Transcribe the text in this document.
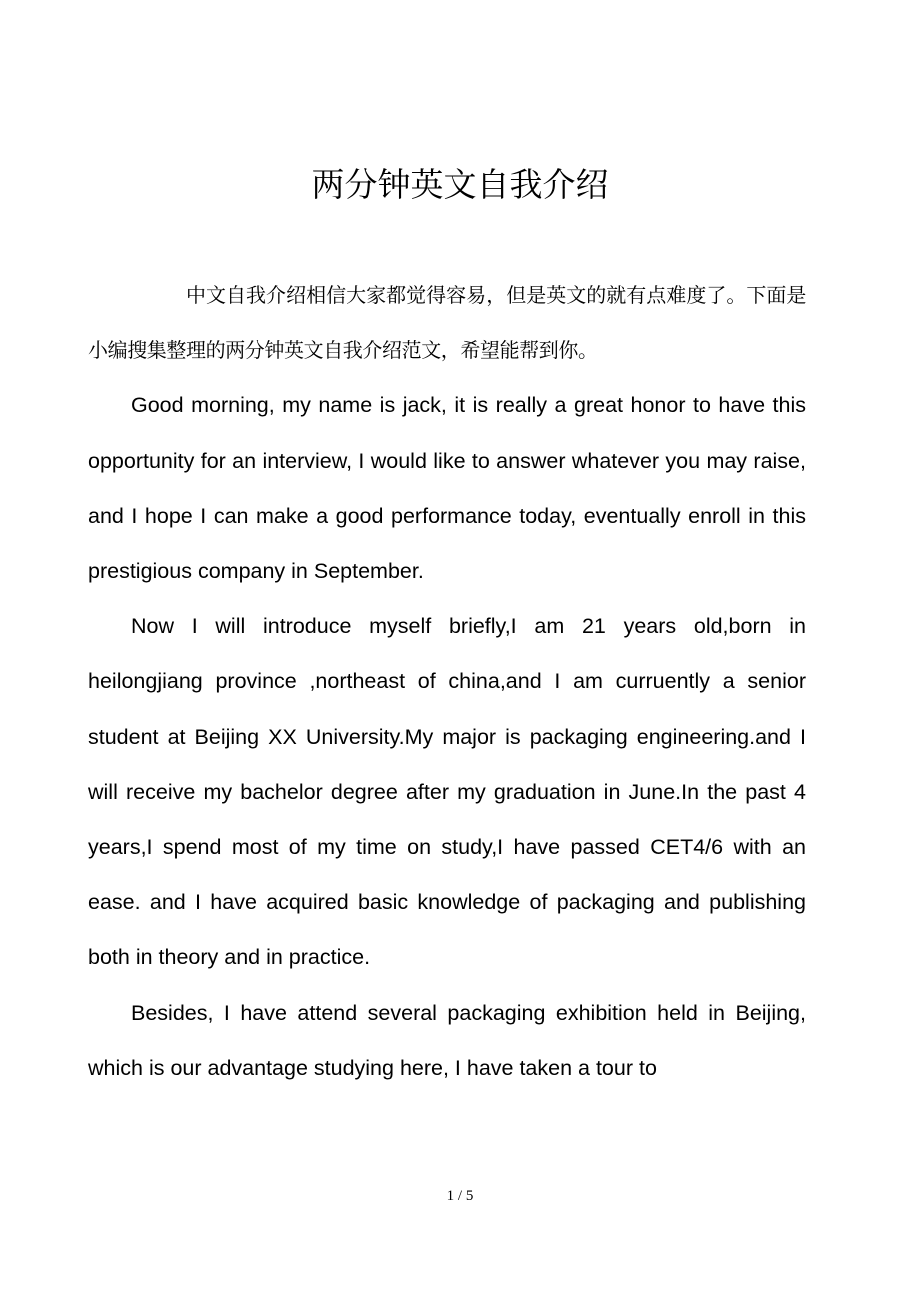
两分钟英文自我介绍

中文自我介绍相信大家都觉得容易，但是英文的就有点难度了。下面是小编搜集整理的两分钟英文自我介绍范文，希望能帮到你。

Good morning, my name is jack, it is really a great honor to have this opportunity for an interview, I would like to answer whatever you may raise, and I hope I can make a good performance today, eventually enroll in this prestigious company in September.

Now I will introduce myself briefly,I am 21 years old,born in heilongjiang province ,northeast of china,and I am curruently a senior student at Beijing XX University.My major is packaging engineering.and I will receive my bachelor degree after my graduation in June.In the past 4 years,I spend most of my time on study,I have passed CET4/6 with an ease. and I have acquired basic knowledge of packaging and publishing both in theory and in practice.

Besides, I have attend several packaging exhibition held in Beijing, which is our advantage studying here, I have taken a tour to

1 / 5
